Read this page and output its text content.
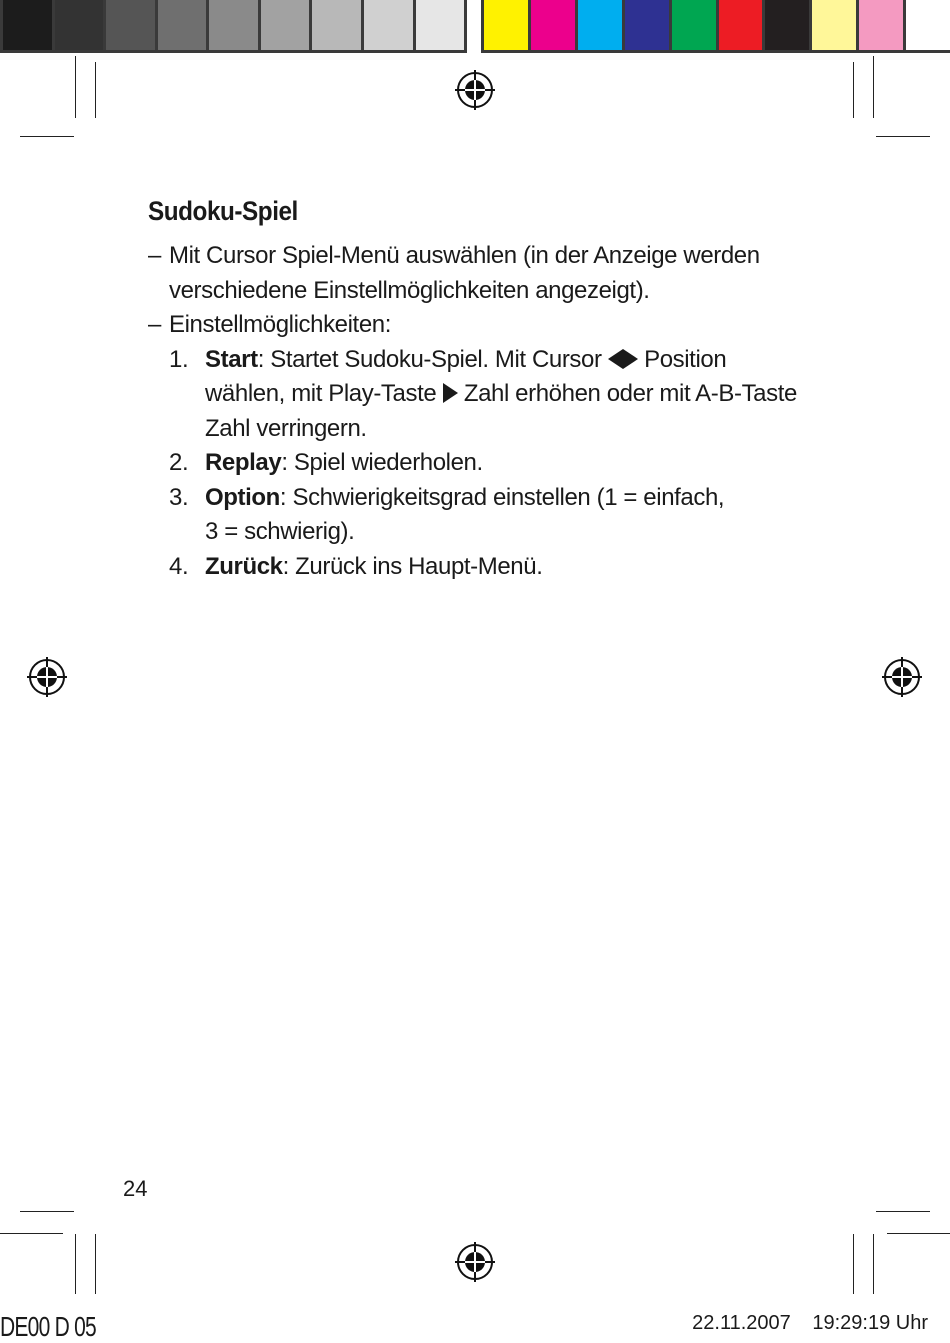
Sudoku-Spiel
– Mit Cursor Spiel-Menü auswählen (in der Anzeige werden verschiedene Einstellmöglichkeiten angezeigt).
– Einstellmöglichkeiten:
1. Start: Startet Sudoku-Spiel. Mit Cursor  Position
wählen, mit Play-Taste  Zahl erhöhen oder mit A-B-Taste
Zahl verringern.
2. Replay: Spiel wiederholen.
3. Option: Schwierigkeitsgrad einstellen (1 = einfach,
3 = schwierig).
4. Zurück: Zurück ins Haupt-Menü.
24
DE00 D 05	22.11.2007 19:29:19 Uhr
